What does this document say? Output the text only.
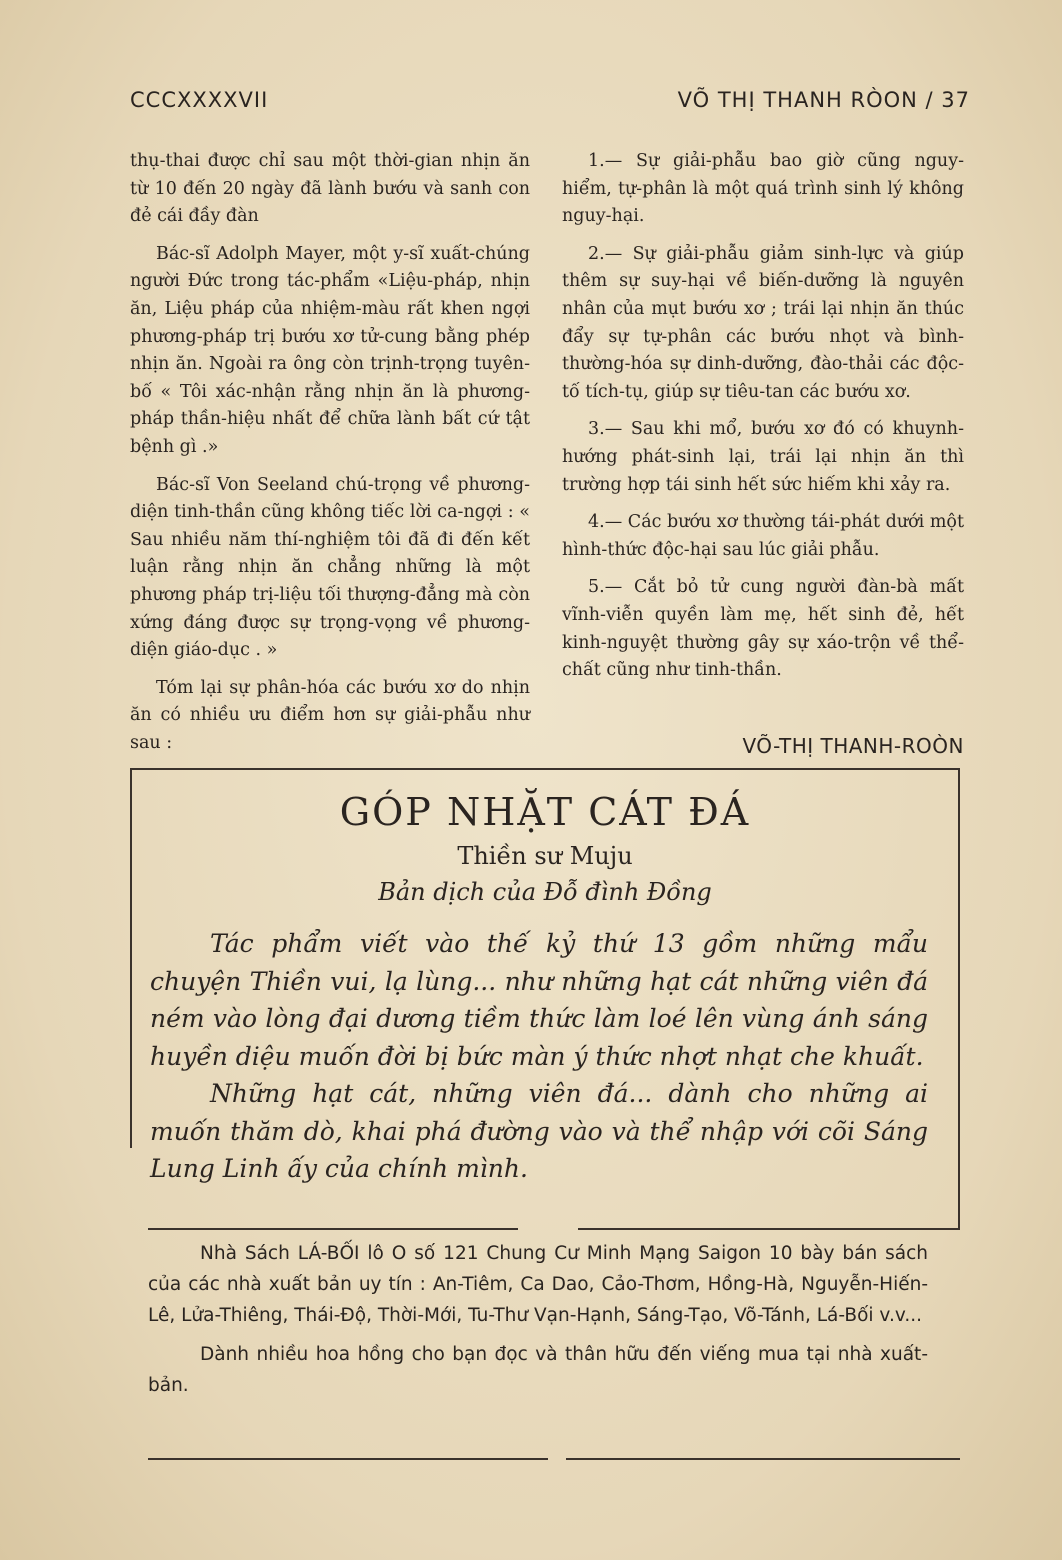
CCCXXXXVII	VÕ THỊ THANH RÒON / 37

thụ-thai được chỉ sau một thời-gian nhịn ăn từ 10 đến 20 ngày đã lành bướu và sanh con đẻ cái đầy đàn

Bác-sĩ Adolph Mayer, một y-sĩ xuất-chúng người Đức trong tác-phẩm «Liệu-pháp, nhịn ăn, Liệu pháp của nhiệm-màu rất khen ngợi phương-pháp trị bướu xơ tử-cung bằng phép nhịn ăn. Ngoài ra ông còn trịnh-trọng tuyên-bố « Tôi xác-nhận rằng nhịn ăn là phương-pháp thần-hiệu nhất để chữa lành bất cứ tật bệnh gì .»

Bác-sĩ Von Seeland chú-trọng về phương-diện tinh-thần cũng không tiếc lời ca-ngợi : « Sau nhiều năm thí-nghiệm tôi đã đi đến kết luận rằng nhịn ăn chẳng những là một phương pháp trị-liệu tối thượng-đẳng mà còn xứng đáng được sự trọng-vọng về phương-diện giáo-dục . »

Tóm lại sự phân-hóa các bướu xơ do nhịn ăn có nhiều ưu điểm hơn sự giải-phẫu như sau :

1.— Sự giải-phẫu bao giờ cũng nguy-hiểm, tự-phân là một quá trình sinh lý không nguy-hại.

2.— Sự giải-phẫu giảm sinh-lực và giúp thêm sự suy-hại về biến-dưỡng là nguyên nhân của mụt bướu xơ ; trái lại nhịn ăn thúc đẩy sự tự-phân các bướu nhọt và bình-thường-hóa sự dinh-dưỡng, đào-thải các độc-tố tích-tụ, giúp sự tiêu-tan các bướu xơ.

3.— Sau khi mổ, bướu xơ đó có khuynh-hướng phát-sinh lại, trái lại nhịn ăn thì trường hợp tái sinh hết sức hiếm khi xảy ra.

4.— Các bướu xơ thường tái-phát dưới một hình-thức độc-hại sau lúc giải phẫu.

5.— Cắt bỏ tử cung người đàn-bà mất vĩnh-viễn quyền làm mẹ, hết sinh đẻ, hết kinh-nguyệt thường gây sự xáo-trộn về thể-chất cũng như tinh-thần.

VÕ-THỊ THANH-ROÒN
GÓP NHẶT CÁT ĐÁ
Thiền sư Muju
Bản dịch của Đỗ đình Đồng

Tác phẩm viết vào thế kỷ thứ 13 gồm những mẩu chuyện Thiền vui, lạ lùng... như những hạt cát những viên đá ném vào lòng đại dương tiềm thức làm loé lên vùng ánh sáng huyền diệu muốn đời bị bức màn ý thức nhợt nhạt che khuất.

Những hạt cát, những viên đá... dành cho những ai muốn thăm dò, khai phá đường vào và thể nhập với cõi Sáng Lung Linh ấy của chính mình.

Nhà Sách LÁ-BỐI lô O số 121 Chung Cư Minh Mạng Saigon 10 bày bán sách của các nhà xuất bản uy tín : An-Tiêm, Ca Dao, Cảo-Thơm, Hồng-Hà, Nguyễn-Hiến-Lê, Lửa-Thiêng, Thái-Độ, Thời-Mới, Tu-Thư Vạn-Hạnh, Sáng-Tạo, Võ-Tánh, Lá-Bối v.v...

Dành nhiều hoa hồng cho bạn đọc và thân hữu đến viếng mua tại nhà xuất-bản.
